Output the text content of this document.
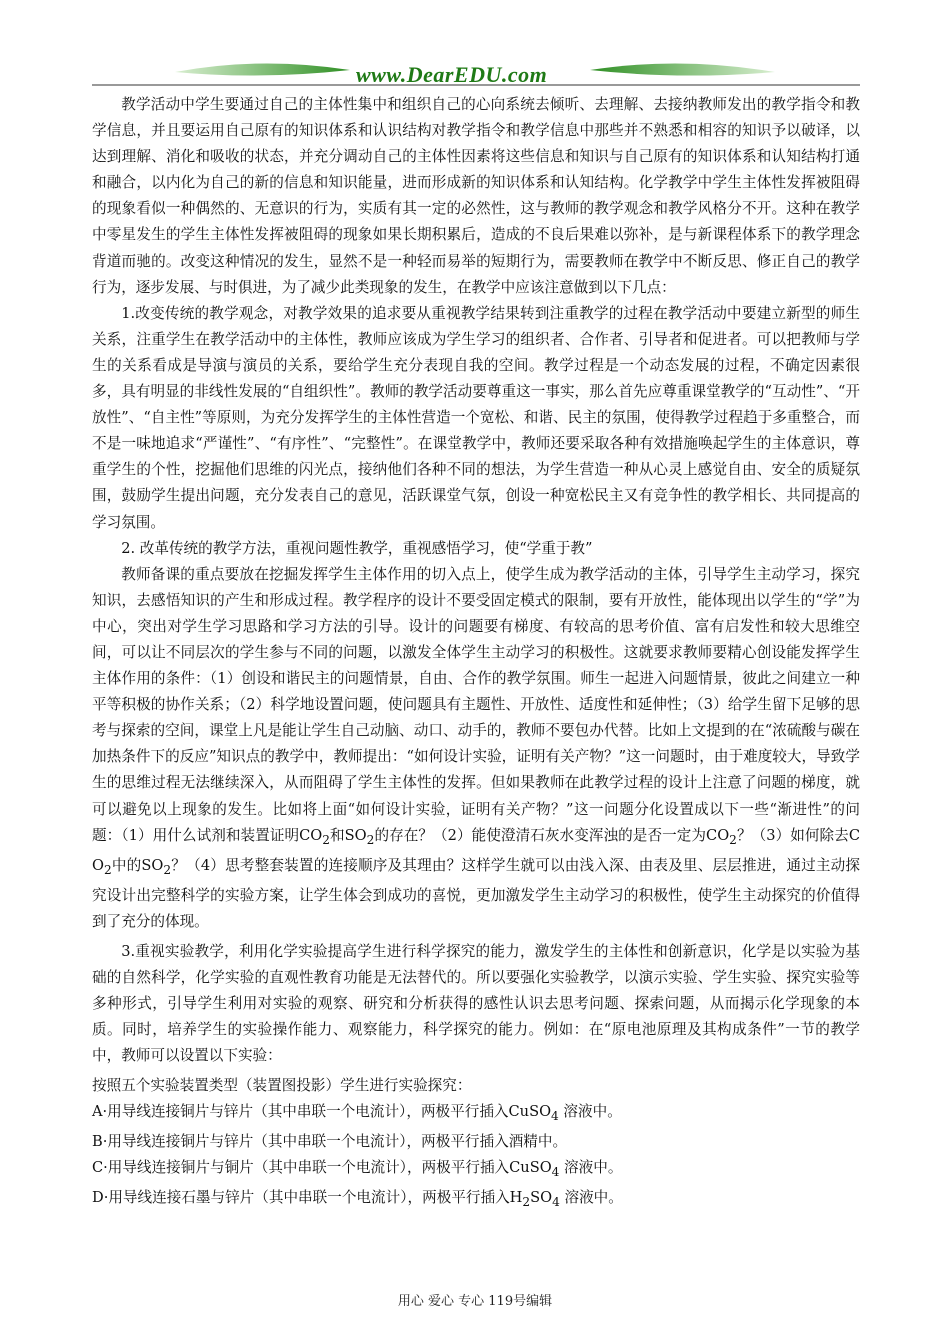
www.DearEDU.com

教学活动中学生要通过自己的主体性集中和组织自己的心向系统去倾听、去理解、去接纳教师发出的教学指令和教学信息，并且要运用自己原有的知识体系和认识结构对教学指令和教学信息中那些并不熟悉和相容的知识予以破译，以达到理解、消化和吸收的状态，并充分调动自己的主体性因素将这些信息和知识与自己原有的知识体系和认知结构打通和融合，以内化为自己的新的信息和知识能量，进而形成新的知识体系和认知结构。化学教学中学生主体性发挥被阻碍的现象看似一种偶然的、无意识的行为，实质有其一定的必然性，这与教师的教学观念和教学风格分不开。这种在教学中零星发生的学生主体性发挥被阻碍的现象如果长期积累后，造成的不良后果难以弥补，是与新课程体系下的教学理念背道而驰的。改变这种情况的发生，显然不是一种轻而易举的短期行为，需要教师在教学中不断反思、修正自己的教学行为，逐步发展、与时俱进，为了减少此类现象的发生，在教学中应该注意做到以下几点：

1.改变传统的教学观念，对教学效果的追求要从重视教学结果转到注重教学的过程在教学活动中要建立新型的师生关系，注重学生在教学活动中的主体性，教师应该成为学生学习的组织者、合作者、引导者和促进者。可以把教师与学生的关系看成是导演与演员的关系，要给学生充分表现自我的空间。教学过程是一个动态发展的过程，不确定因素很多，具有明显的非线性发展的“自组织性”。教师的教学活动要尊重这一事实，那么首先应尊重课堂教学的“互动性”、“开放性”、“自主性”等原则，为充分发挥学生的主体性营造一个宽松、和谐、民主的氛围，使得教学过程趋于多重整合，而不是一味地追求“严谨性”、“有序性”、“完整性”。在课堂教学中，教师还要采取各种有效措施唤起学生的主体意识，尊重学生的个性，挖掘他们思维的闪光点，接纳他们各种不同的想法，为学生营造一种从心灵上感觉自由、安全的质疑氛围，鼓励学生提出问题，充分发表自己的意见，活跃课堂气氛，创设一种宽松民主又有竞争性的教学相长、共同提高的学习氛围。

2. 改革传统的教学方法，重视问题性教学，重视感悟学习，使“学重于教”

教师备课的重点要放在挖掘发挥学生主体作用的切入点上，使学生成为教学活动的主体，引导学生主动学习，探究知识，去感悟知识的产生和形成过程。教学程序的设计不要受固定模式的限制，要有开放性，能体现出以学生的“学”为中心，突出对学生学习思路和学习方法的引导。设计的问题要有梯度、有较高的思考价值、富有启发性和较大思维空间，可以让不同层次的学生参与不同的问题，以激发全体学生主动学习的积极性。这就要求教师要精心创设能发挥学生主体作用的条件：（1）创设和谐民主的问题情景，自由、合作的教学氛围。师生一起进入问题情景，彼此之间建立一种平等积极的协作关系；（2）科学地设置问题，使问题具有主题性、开放性、适度性和延伸性；（3）给学生留下足够的思考与探索的空间，课堂上凡是能让学生自己动脑、动口、动手的，教师不要包办代替。比如上文提到的在“浓硫酸与碳在加热条件下的反应”知识点的教学中，教师提出：“如何设计实验，证明有关产物？”这一问题时，由于难度较大，导致学生的思维过程无法继续深入，从而阻碍了学生主体性的发挥。但如果教师在此教学过程的设计上注意了问题的梯度，就可以避免以上现象的发生。比如将上面“如何设计实验，证明有关产物？”这一问题分化设置成以下一些“渐进性”的问题：（1）用什么试剂和装置证明$CO_2$和$SO_2$的存在？（2）能使澄清石灰水变浑浊的是否一定为$CO_2$？（3）如何除去$CO_2$中的$SO_2$？（4）思考整套装置的连接顺序及其理由？这样学生就可以由浅入深、由表及里、层层推进，通过主动探究设计出完整科学的实验方案，让学生体会到成功的喜悦，更加激发学生主动学习的积极性，使学生主动探究的价值得到了充分的体现。

3.重视实验教学，利用化学实验提高学生进行科学探究的能力，激发学生的主体性和创新意识，化学是以实验为基础的自然科学，化学实验的直观性教育功能是无法替代的。所以要强化实验教学，以演示实验、学生实验、探究实验等多种形式，引导学生利用对实验的观察、研究和分析获得的感性认识去思考问题、探索问题，从而揭示化学现象的本质。同时，培养学生的实验操作能力、观察能力，科学探究的能力。例如：在“原电池原理及其构成条件”一节的教学中，教师可以设置以下实验：

按照五个实验装置类型（装置图投影）学生进行实验探究：

A·用导线连接铜片与锌片（其中串联一个电流计），两极平行插入CuSO$_4$ 溶液中。

B·用导线连接铜片与锌片（其中串联一个电流计），两极平行插入酒精中。

C·用导线连接铜片与铜片（其中串联一个电流计），两极平行插入CuSO$_4$ 溶液中。

D·用导线连接石墨与锌片（其中串联一个电流计），两极平行插入$H_2SO_4$ 溶液中。

用心 爱心 专心 119号编辑
